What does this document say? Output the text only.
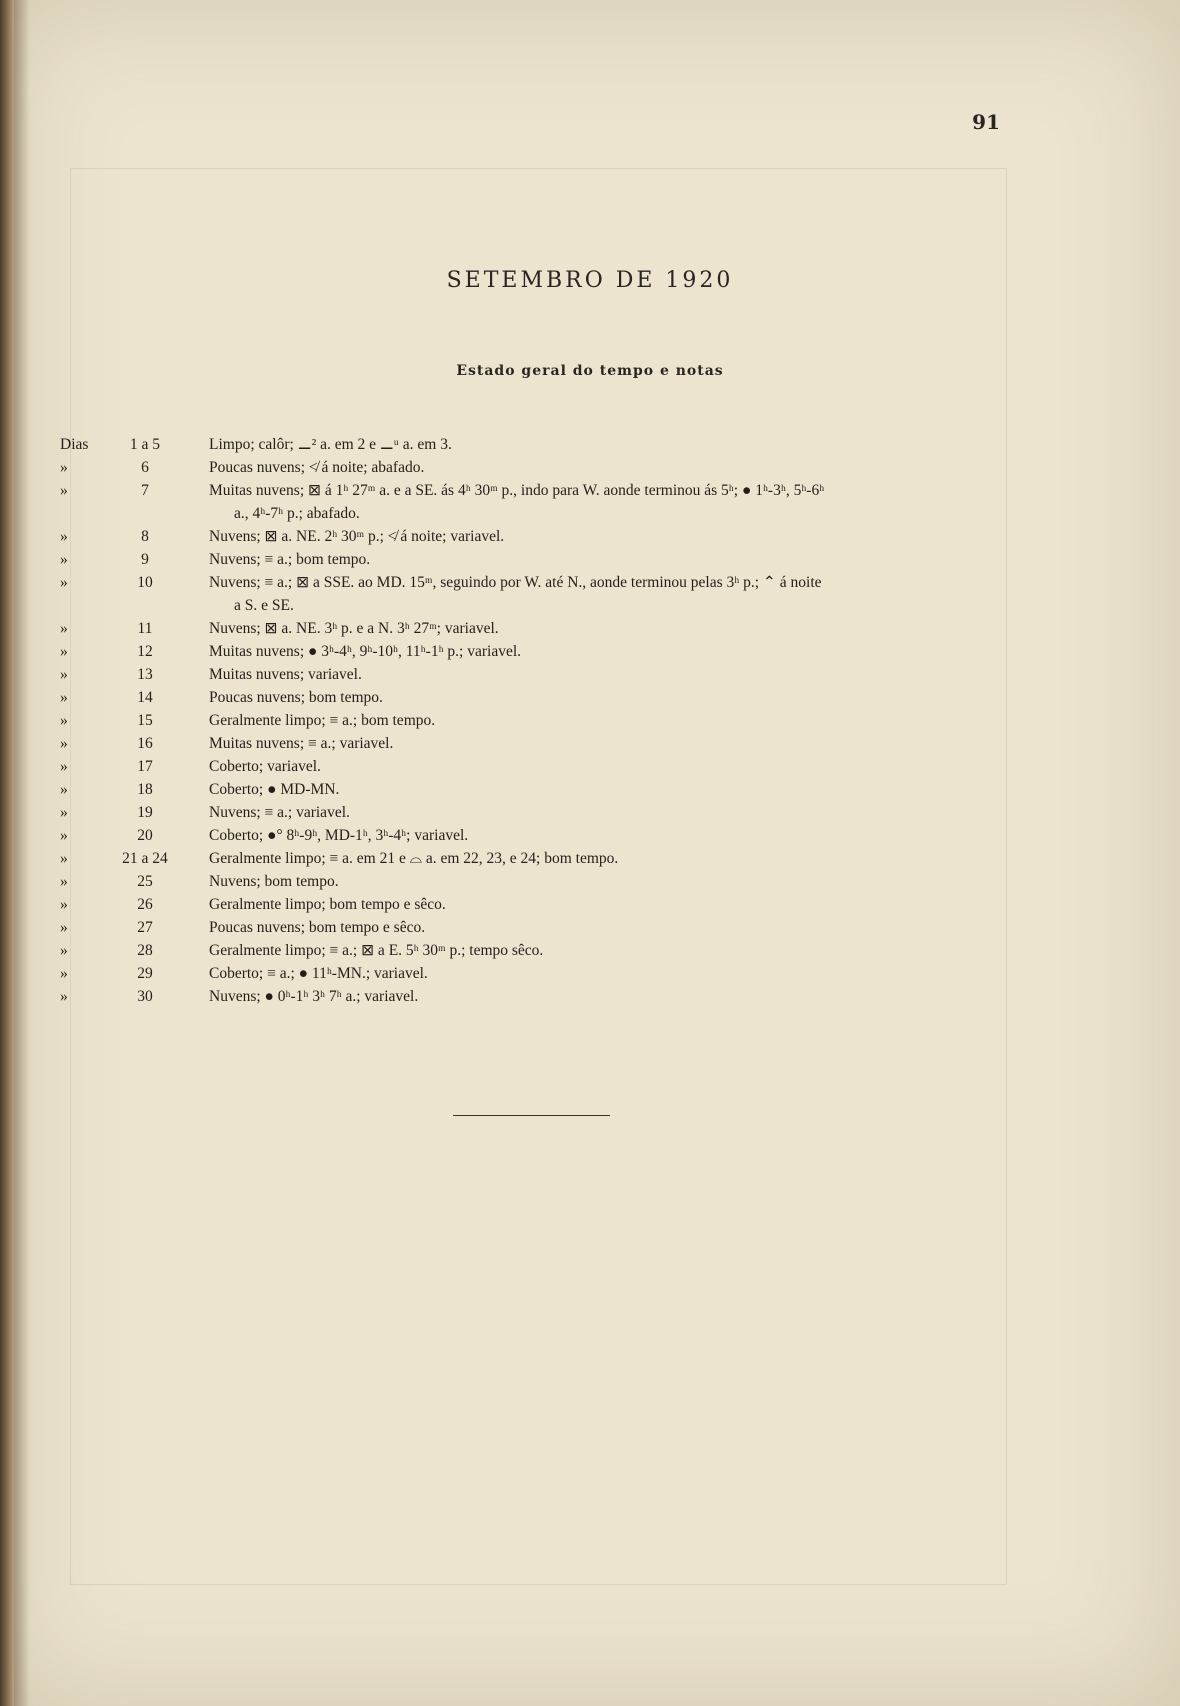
91
SETEMBRO DE 1920
Estado geral do tempo e notas
Dias	1 a 5	Limpo; calôr; ⚊² a. em 2 e ⚊ᵘ a. em 3.
»	6	Poucas nuvens; ≮ á noite; abafado.
»	7	Muitas nuvens; ⊠ á 1ʰ 27ᵐ a. e a SE. ás 4ʰ 30ᵐ p., indo para W. aonde terminou ás 5ʰ; ● 1ʰ-3ʰ, 5ʰ-6ʰ
a., 4ʰ-7ʰ p.; abafado.
»	8	Nuvens; ⊠ a. NE. 2ʰ 30ᵐ p.; ≮ á noite; variavel.
»	9	Nuvens; ≡ a.; bom tempo.
»	10	Nuvens; ≡ a.; ⊠ a SSE. ao MD. 15ᵐ, seguindo por W. até N., aonde terminou pelas 3ʰ p.; ⌃ á noite
a S. e SE.
»	11	Nuvens; ⊠ a. NE. 3ʰ p. e a N. 3ʰ 27ᵐ; variavel.
»	12	Muitas nuvens; ● 3ʰ-4ʰ, 9ʰ-10ʰ, 11ʰ-1ʰ p.; variavel.
»	13	Muitas nuvens; variavel.
»	14	Poucas nuvens; bom tempo.
»	15	Geralmente limpo; ≡ a.; bom tempo.
»	16	Muitas nuvens; ≡ a.; variavel.
»	17	Coberto; variavel.
»	18	Coberto; ● MD-MN.
»	19	Nuvens; ≡ a.; variavel.
»	20	Coberto; ●° 8ʰ-9ʰ, MD-1ʰ, 3ʰ-4ʰ; variavel.
»	21 a 24	Geralmente limpo; ≡ a. em 21 e ⌓ a. em 22, 23, e 24; bom tempo.
»	25	Nuvens; bom tempo.
»	26	Geralmente limpo; bom tempo e sêco.
»	27	Poucas nuvens; bom tempo e sêco.
»	28	Geralmente limpo; ≡ a.; ⊠ a E. 5ʰ 30ᵐ p.; tempo sêco.
»	29	Coberto; ≡ a.; ● 11ʰ-MN.; variavel.
»	30	Nuvens; ● 0ʰ-1ʰ 3ʰ 7ʰ a.; variavel.
